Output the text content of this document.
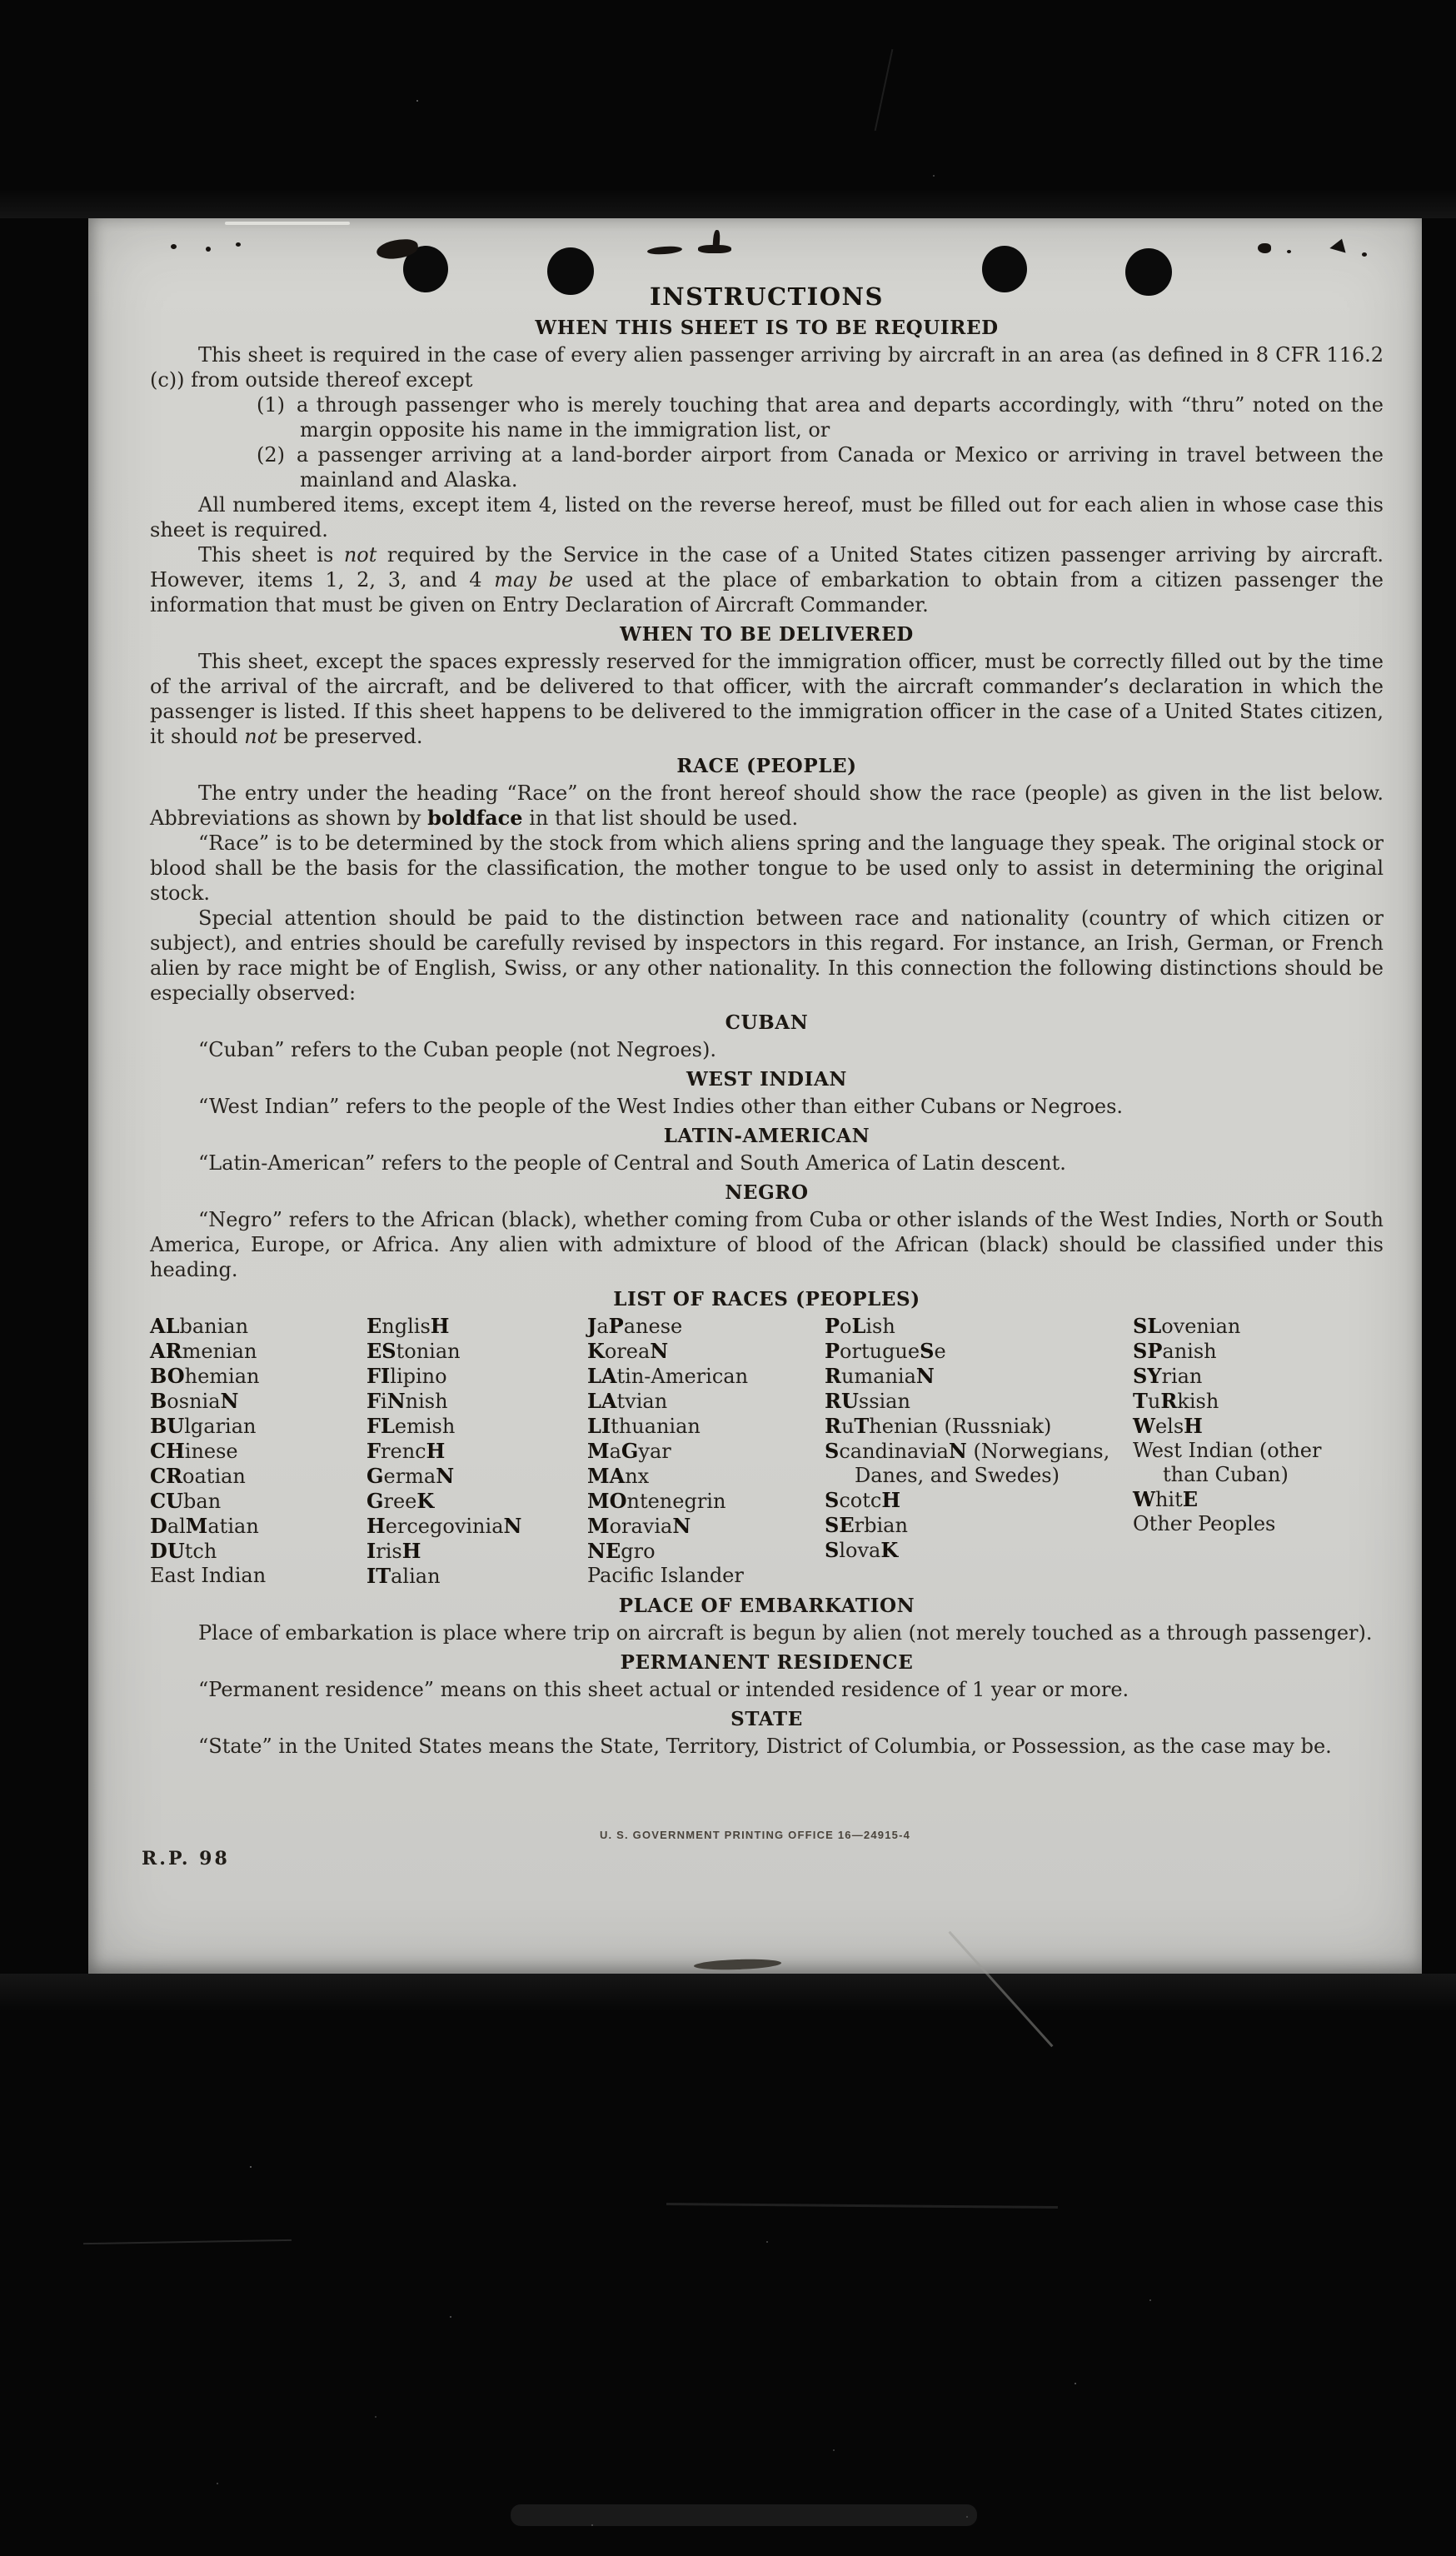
INSTRUCTIONS
WHEN THIS SHEET IS TO BE REQUIRED

This sheet is required in the case of every alien passenger arriving by aircraft in an area (as defined in 8 CFR 116.2 (c)) from outside thereof except

(1) a through passenger who is merely touching that area and departs accordingly, with “thru” noted on the margin opposite his name in the immigration list, or
(2) a passenger arriving at a land-border airport from Canada or Mexico or arriving in travel between the mainland and Alaska.

All numbered items, except item 4, listed on the reverse hereof, must be filled out for each alien in whose case this sheet is required.

This sheet is not required by the Service in the case of a United States citizen passenger arriving by aircraft. However, items 1, 2, 3, and 4 may be used at the place of embarkation to obtain from a citizen passenger the information that must be given on Entry Declaration of Aircraft Commander.

WHEN TO BE DELIVERED

This sheet, except the spaces expressly reserved for the immigration officer, must be correctly filled out by the time of the arrival of the aircraft, and be delivered to that officer, with the aircraft commander’s declaration in which the passenger is listed. If this sheet happens to be delivered to the immigration officer in the case of a United States citizen, it should not be preserved.

RACE (PEOPLE)

The entry under the heading “Race” on the front hereof should show the race (people) as given in the list below. Abbreviations as shown by boldface in that list should be used.

“Race” is to be determined by the stock from which aliens spring and the language they speak. The original stock or blood shall be the basis for the classification, the mother tongue to be used only to assist in determining the original stock.

Special attention should be paid to the distinction between race and nationality (country of which citizen or subject), and entries should be carefully revised by inspectors in this regard. For instance, an Irish, German, or French alien by race might be of English, Swiss, or any other nationality. In this connection the following distinctions should be especially observed:

CUBAN

“Cuban” refers to the Cuban people (not Negroes).

WEST INDIAN

“West Indian” refers to the people of the West Indies other than either Cubans or Negroes.

LATIN-AMERICAN

“Latin-American” refers to the people of Central and South America of Latin descent.

NEGRO

“Negro” refers to the African (black), whether coming from Cuba or other islands of the West Indies, North or South America, Europe, or Africa. Any alien with admixture of blood of the African (black) should be classified under this heading.

LIST OF RACES (PEOPLES)
ALbanian
ARmenian
BOhemian
BosniaN
BUlgarian
CHinese
CRoatian
CUban
DalMatian
DUtch
East Indian
EnglisH
EStonian
FIlipino
FiNnish
FLemish
FrencH
GermaN
GreeK
HercegoviniaN
IrisH
ITalian
JaPanese
KoreaN
LAtin-American
LAtvian
LIthuanian
MaGyar
MAnx
MOntenegrin
MoraviaN
NEgro
Pacific Islander
PoLish
PortugueSe
RumaniaN
RUssian
RuThenian (Russniak)
ScandinaviaN (Norwegians, Danes, and Swedes)
ScotcH
SErbian
SlovaK
SLovenian
SPanish
SYrian
TuRkish
WelsH
West Indian (other than Cuban)
WhitE
Other Peoples
PLACE OF EMBARKATION

Place of embarkation is place where trip on aircraft is begun by alien (not merely touched as a through passenger).

PERMANENT RESIDENCE

“Permanent residence” means on this sheet actual or intended residence of 1 year or more.

STATE

“State” in the United States means the State, Territory, District of Columbia, or Possession, as the case may be.

U. S. GOVERNMENT PRINTING OFFICE 16—24915-4
R.P. 98
